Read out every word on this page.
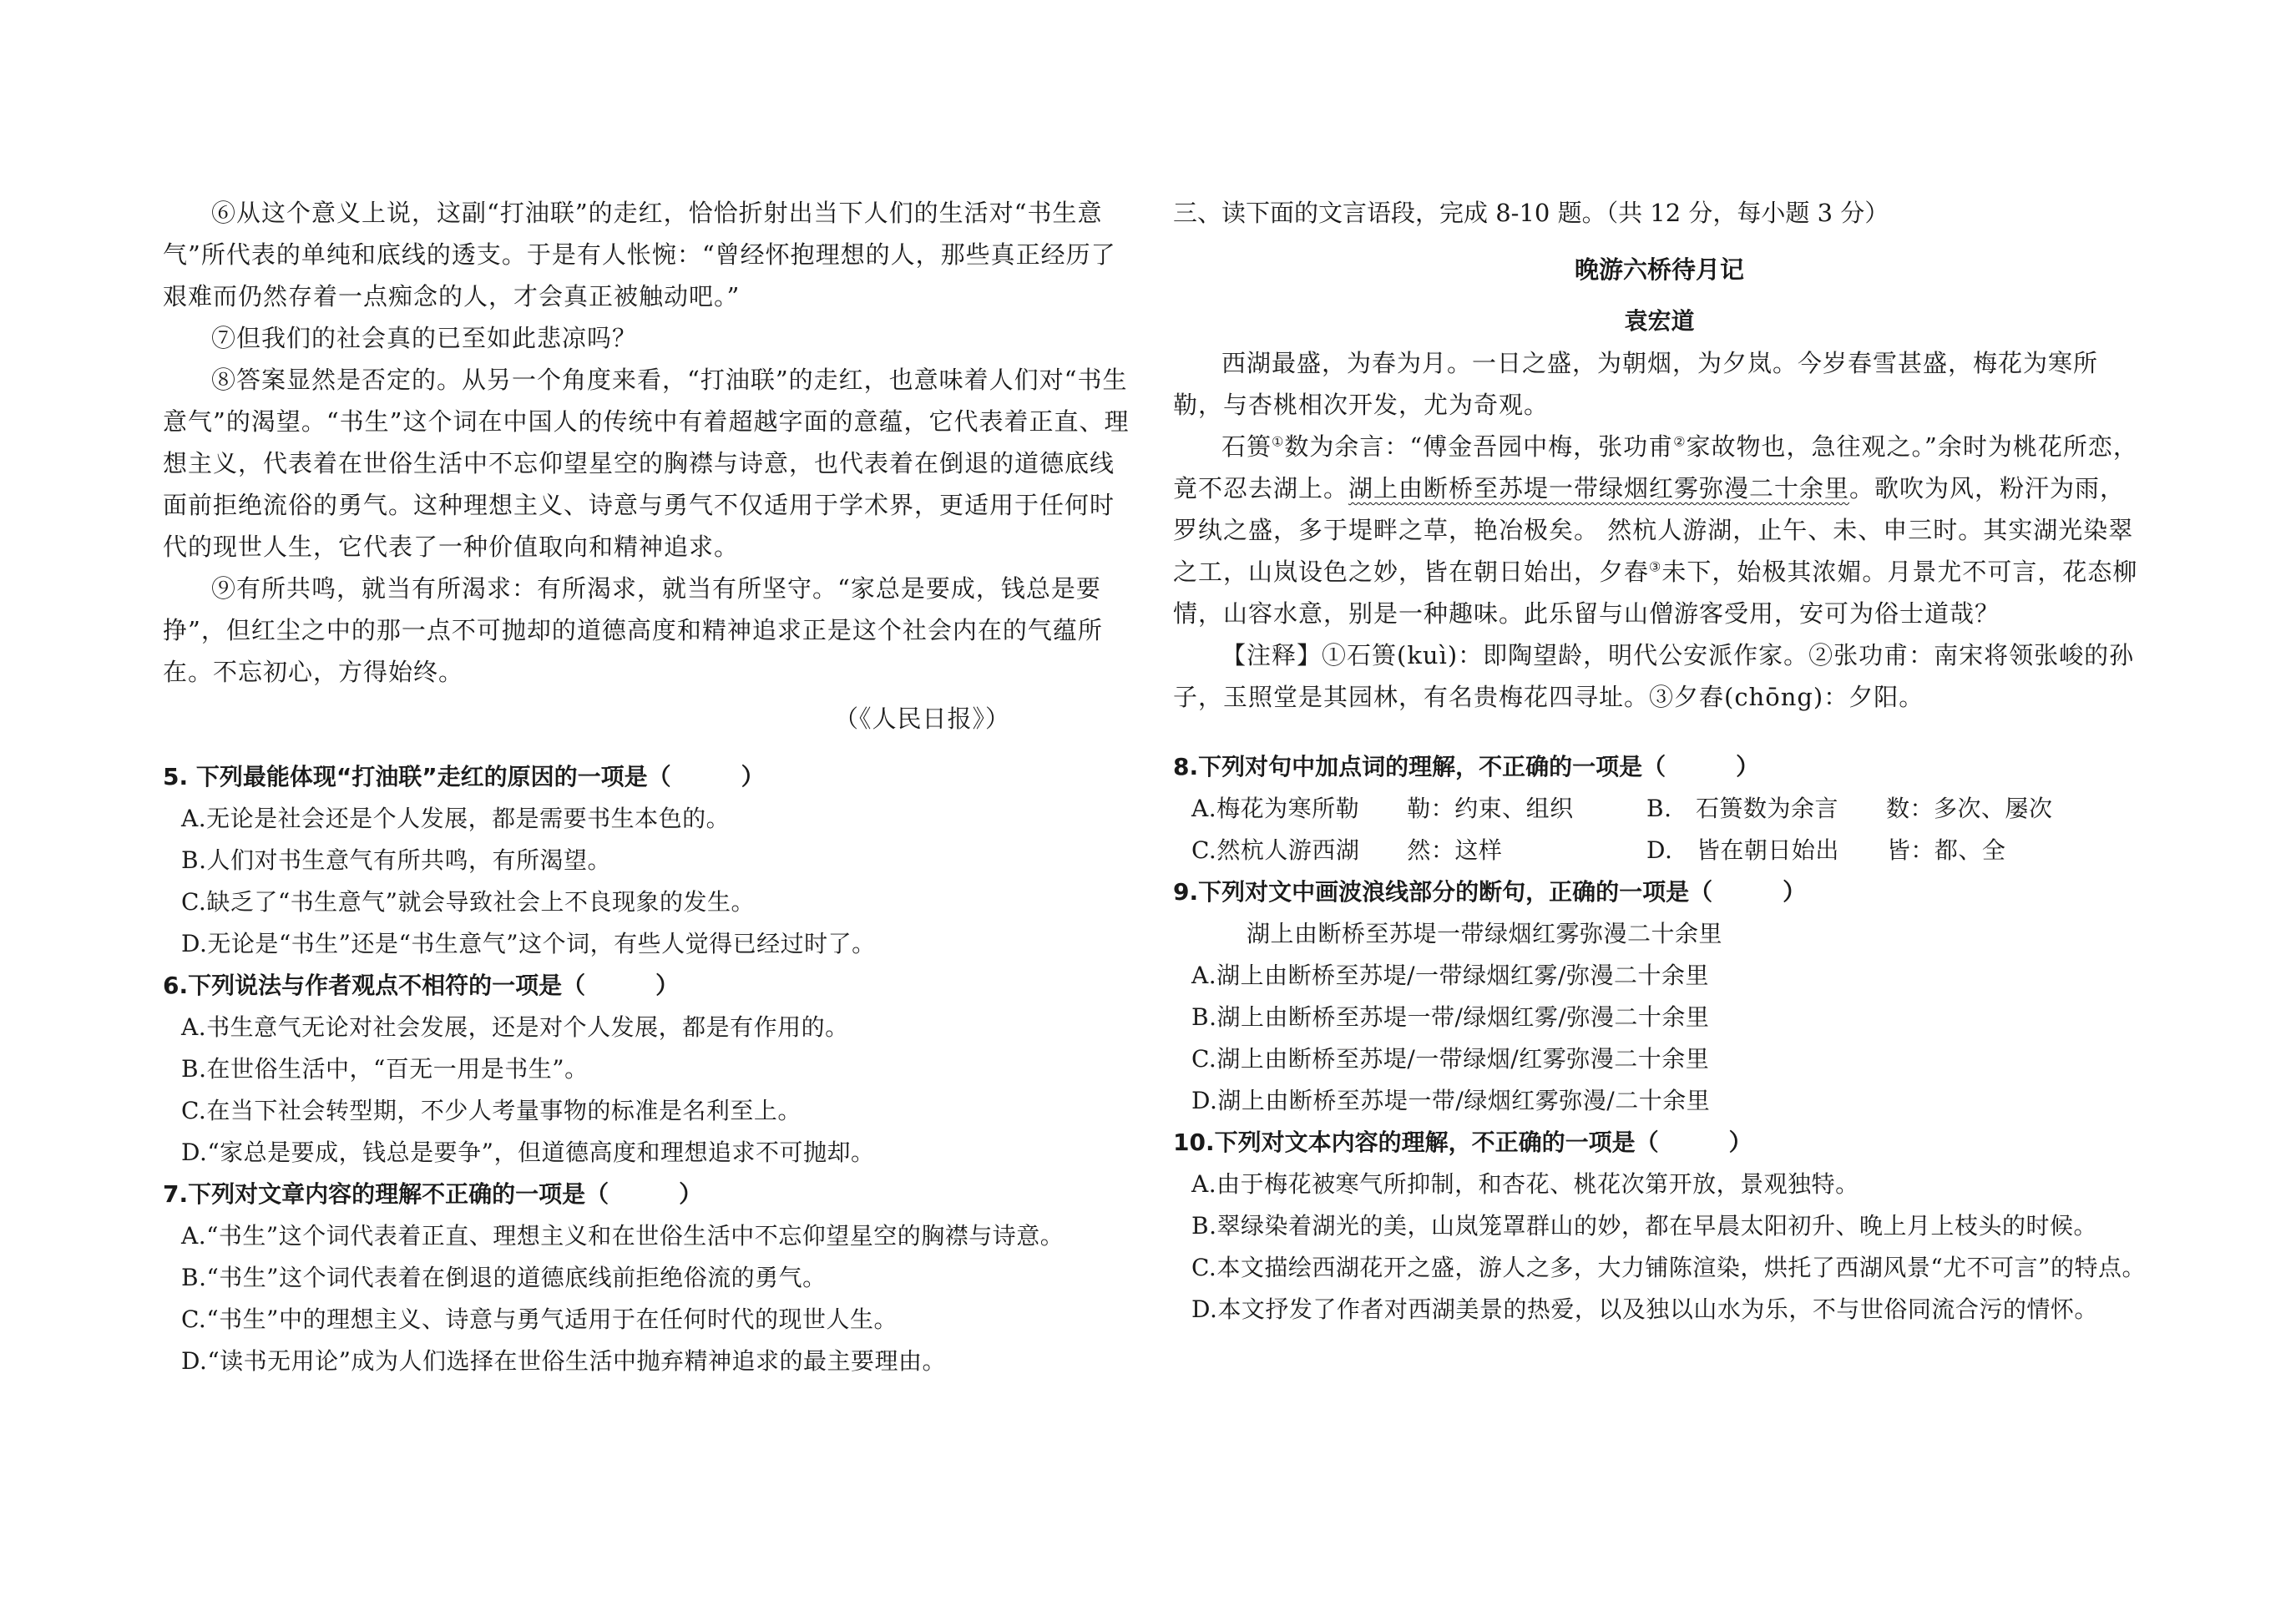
⑥从这个意义上说，这副“打油联”的走红，恰恰折射出当下人们的生活对“书生意气”所代表的单纯和底线的透支。于是有人怅惋：“曾经怀抱理想的人，那些真正经历了艰难而仍然存着一点痴念的人，才会真正被触动吧。”

⑦但我们的社会真的已至如此悲凉吗？

⑧答案显然是否定的。从另一个角度来看，“打油联”的走红，也意味着人们对“书生意气”的渴望。“书生”这个词在中国人的传统中有着超越字面的意蕴，它代表着正直、理想主义，代表着在世俗生活中不忘仰望星空的胸襟与诗意，也代表着在倒退的道德底线面前拒绝流俗的勇气。这种理想主义、诗意与勇气不仅适用于学术界，更适用于任何时代的现世人生，它代表了一种价值取向和精神追求。

⑨有所共鸣，就当有所渴求：有所渴求，就当有所坚守。“家总是要成，钱总是要挣”，但红尘之中的那一点不可抛却的道德高度和精神追求正是这个社会内在的气蕴所在。不忘初心，方得始终。

（《人民日报》）

5. 下列最能体现“打油联”走红的原因的一项是（　　　）
A.无论是社会还是个人发展，都是需要书生本色的。
B.人们对书生意气有所共鸣，有所渴望。
C.缺乏了“书生意气”就会导致社会上不良现象的发生。
D.无论是“书生”还是“书生意气”这个词，有些人觉得已经过时了。
6.下列说法与作者观点不相符的一项是（　　　）
A.书生意气无论对社会发展，还是对个人发展，都是有作用的。
B.在世俗生活中，“百无一用是书生”。
C.在当下社会转型期，不少人考量事物的标准是名利至上。
D.“家总是要成，钱总是要争”，但道德高度和理想追求不可抛却。
7.下列对文章内容的理解不正确的一项是（　　　）
A.“书生”这个词代表着正直、理想主义和在世俗生活中不忘仰望星空的胸襟与诗意。
B.“书生”这个词代表着在倒退的道德底线前拒绝俗流的勇气。
C.“书生”中的理想主义、诗意与勇气适用于在任何时代的现世人生。
D.“读书无用论”成为人们选择在世俗生活中抛弃精神追求的最主要理由。
三、读下面的文言语段，完成 8-10 题。（共 12 分，每小题 3 分）
晚游六桥待月记
袁宏道

西湖最盛，为春为月。一日之盛，为朝烟，为夕岚。今岁春雪甚盛，梅花为寒所勒，与杏桃相次开发，尤为奇观。

石篑①数为余言：“傅金吾园中梅，张功甫②家故物也，急往观之。”余时为桃花所恋，竟不忍去湖上。湖上由断桥至苏堤一带绿烟红雾弥漫二十余里。歌吹为风，粉汗为雨，罗纨之盛，多于堤畔之草，艳冶极矣。 然杭人游湖，止午、未、申三时。其实湖光染翠之工，山岚设色之妙，皆在朝日始出，夕舂③未下，始极其浓媚。月景尤不可言，花态柳情，山容水意，别是一种趣味。此乐留与山僧游客受用，安可为俗士道哉？

【注释】①石篑(kuì)：即陶望龄，明代公安派作家。②张功甫：南宋将领张峻的孙子，玉照堂是其园林，有名贵梅花四寻址。③夕舂(chōng)：夕阳。

8.下列对句中加点词的理解，不正确的一项是（　　　）
A.梅花为寒所勒　　勒：约束、组织	B.　石篑数为余言　　数：多次、屡次
C.然杭人游西湖　　然：这样	D.　皆在朝日始出　　皆：都、全
9.下列对文中画波浪线部分的断句，正确的一项是（　　　）
湖上由断桥至苏堤一带绿烟红雾弥漫二十余里
A.湖上由断桥至苏堤/一带绿烟红雾/弥漫二十余里
B.湖上由断桥至苏堤一带/绿烟红雾/弥漫二十余里
C.湖上由断桥至苏堤/一带绿烟/红雾弥漫二十余里
D.湖上由断桥至苏堤一带/绿烟红雾弥漫/二十余里
10.下列对文本内容的理解，不正确的一项是（　　　）
A.由于梅花被寒气所抑制，和杏花、桃花次第开放，景观独特。
B.翠绿染着湖光的美，山岚笼罩群山的妙，都在早晨太阳初升、晚上月上枝头的时候。
C.本文描绘西湖花开之盛，游人之多，大力铺陈渲染，烘托了西湖风景“尤不可言”的特点。
D.本文抒发了作者对西湖美景的热爱，以及独以山水为乐，不与世俗同流合污的情怀。
